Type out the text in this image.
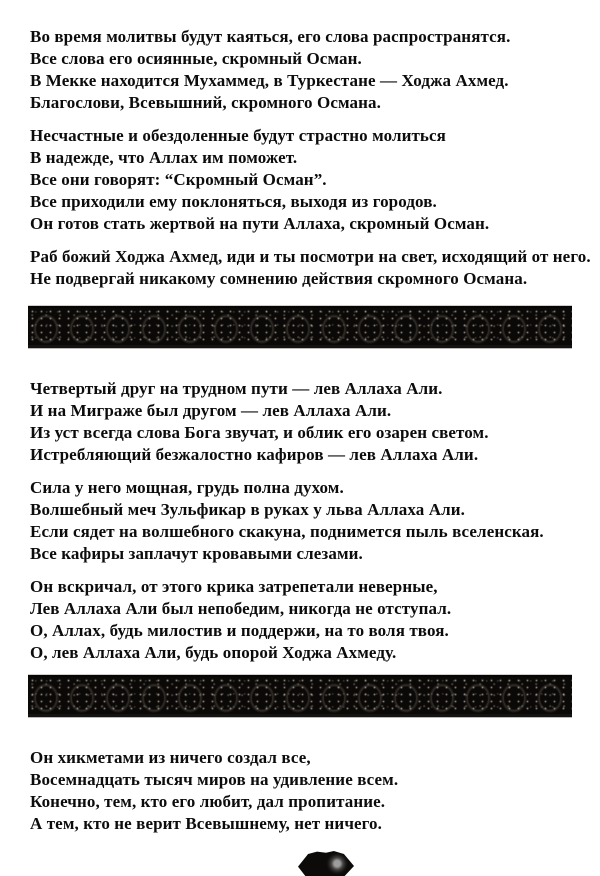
Во время молитвы будут каяться, его слова распространятся.
Все слова его осиянные, скромный Осман.
В Мекке находится Мухаммед, в Туркестане — Ходжа Ахмед.
Благослови, Всевышний, скромного Османа.
Несчастные и обездоленные будут страстно молиться
В надежде, что Аллах им поможет.
Все они говорят: “Скромный Осман”.
Все приходили ему поклоняться, выходя из городов.
Он готов стать жертвой на пути Аллаха, скромный Осман.
Раб божий Ходжа Ахмед, иди и ты посмотри на свет, исходящий от него.
Не подвергай никакому сомнению действия скромного Османа.
Четвертый друг на трудном пути — лев Аллаха Али.
И на Миграже был другом — лев Аллаха Али.
Из уст всегда слова Бога звучат, и облик его озарен светом.
Истребляющий безжалостно кафиров — лев Аллаха Али.
Сила у него мощная, грудь полна духом.
Волшебный меч Зульфикар в руках у льва Аллаха Али.
Если сядет на волшебного скакуна, поднимется пыль вселенская.
Все кафиры заплачут кровавыми слезами.
Он вскричал, от этого крика затрепетали неверные,
Лев Аллаха Али был непобедим, никогда не отступал.
О, Аллах, будь милостив и поддержи, на то воля твоя.
О, лев Аллаха Али, будь опорой Ходжа Ахмеду.
Он хикметами из ничего создал все,
Восемнадцать тысяч миров на удивление всем.
Конечно, тем, кто его любит, дал пропитание.
А тем, кто не верит Всевышнему, нет ничего.
